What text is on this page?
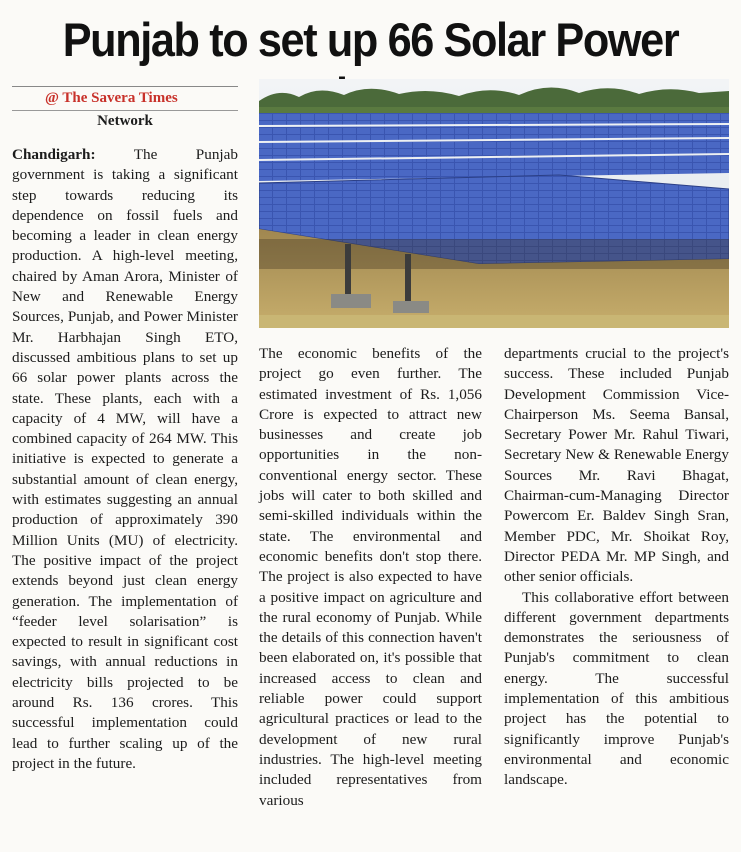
Punjab to set up 66 Solar Power
@ The Savera Times
Network

Chandigarh:	The Punjab government is taking a significant step towards reducing its dependence on fossil fuels and becoming a leader in clean energy production. A high-level meeting, chaired by Aman Arora, Minister of New and Renewable Energy Sources, Punjab, and Power Minister Mr. Harbhajan Singh ETO, discussed ambitious plans to set up 66 solar power plants across the state. These plants, each with a capacity of 4 MW, will have a combined capacity of 264 MW. This initiative is expected to generate a substantial amount of clean energy, with estimates suggesting an annual production of approximately 390 Million Units (MU) of electricity. The positive impact of the project extends beyond just clean energy generation. The implementation of “feeder level solarisation” is expected to result in significant cost savings, with annual reductions in electricity bills projected to be around Rs. 136 crores. This successful implementation could lead to further scaling up of the project in the future.

The economic benefits of the project go even further. The estimated investment of Rs. 1,056 Crore is expected to attract new businesses and create job opportunities in the non-conventional energy sector. These jobs will cater to both skilled and semi-skilled individuals within the state. The environmental and economic benefits don't stop there. The project is also expected to have a positive impact on agriculture and the rural economy of Punjab. While the details of this connection haven't been elaborated on, it's possible that increased access to clean and reliable power could support agricultural practices or lead to the development of new rural industries. The high-level meeting included representatives from various

departments crucial to the project's success. These included Punjab Development Commission Vice-Chairperson Ms. Seema Bansal, Secretary Power Mr. Rahul Tiwari, Secretary New & Renewable Energy Sources Mr. Ravi Bhagat, Chairman-cum-Managing Director Powercom Er. Baldev Singh Sran, Member PDC, Mr. Shoikat Roy, Director PEDA Mr. MP Singh, and other senior officials.

This collaborative effort between different government departments demonstrates the seriousness of Punjab's commitment to clean energy. The successful implementation of this ambitious project has the potential to significantly improve Punjab's environmental and economic landscape.
